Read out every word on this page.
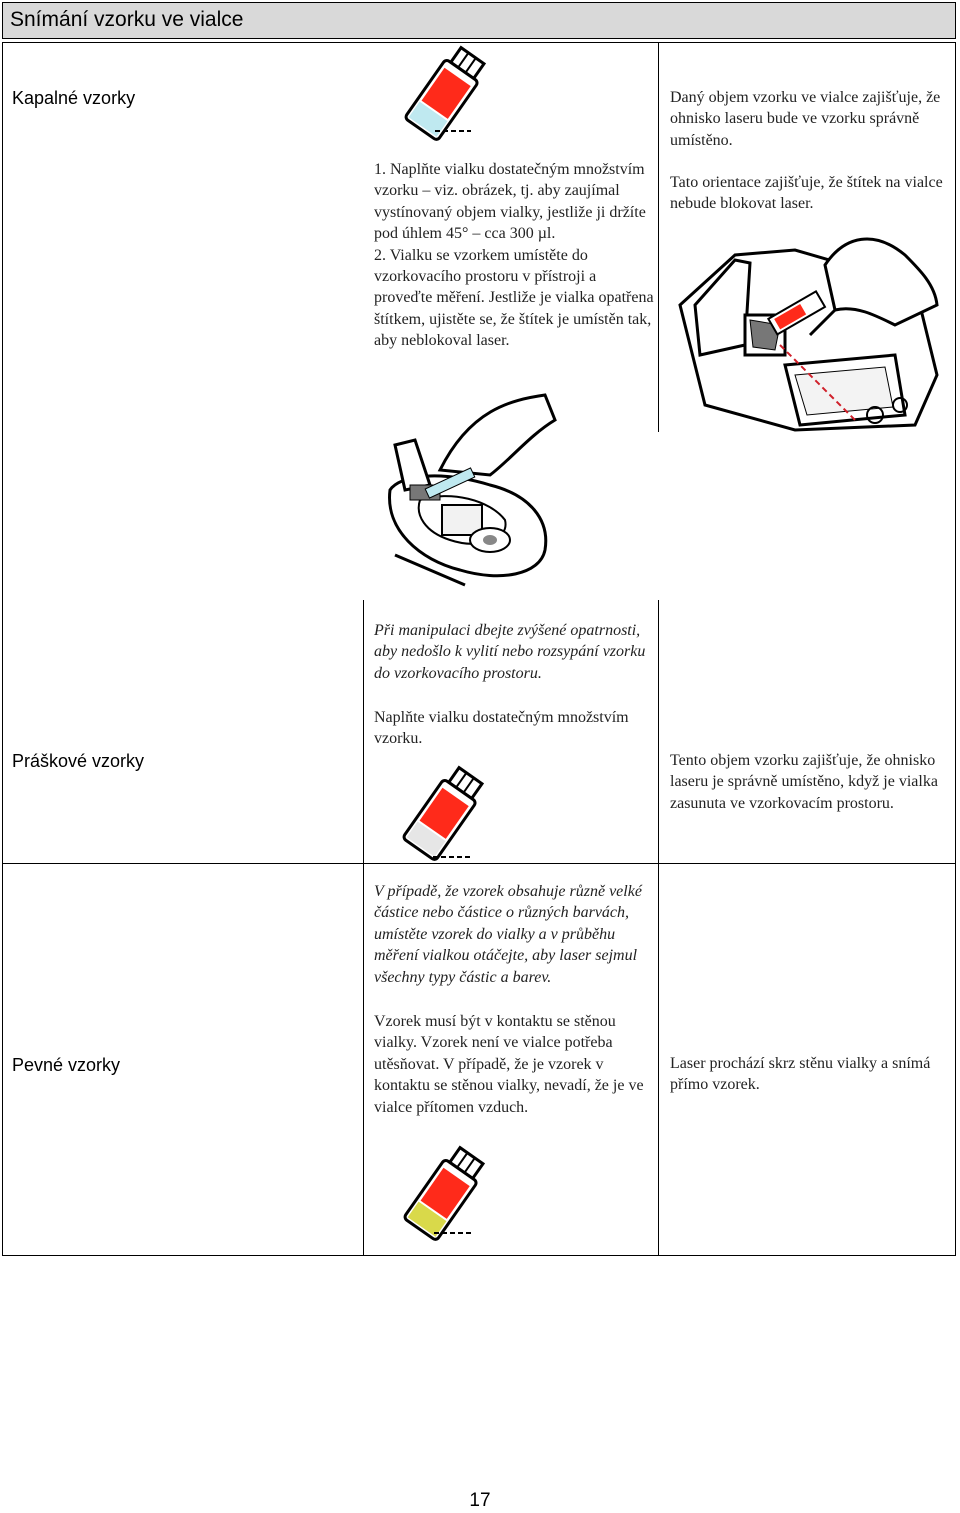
Snímání vzorku ve vialce
Kapalné vzorky

1. Naplňte vialku dostatečným množstvím vzorku – viz. obrázek, tj. aby zaujímal vystínovaný objem vialky, jestliže ji držíte pod úhlem 45° – cca 300 µl.

2. Vialku se vzorkem umístěte do vzorkovacího prostoru v přístroji a proveďte měření. Jestliže je vialka opatřena štítkem, ujistěte se, že štítek je umístěn tak, aby neblokoval laser.

Daný objem vzorku ve vialce zajišťuje, že ohnisko laseru bude ve vzorku správně umístěno.
Tato orientace zajišťuje, že štítek na vialce nebude blokovat laser.
Práškové vzorky
Při manipulaci dbejte zvýšené opatrnosti, aby nedošlo k vylití nebo rozsypání vzorku do vzorkovacího prostoru.
Naplňte vialku dostatečným množstvím vzorku.
Tento objem vzorku zajišťuje, že ohnisko laseru je správně umístěno, když je vialka zasunuta ve vzorkovacím prostoru.
Pevné vzorky
V případě, že vzorek obsahuje různě velké částice nebo částice o různých barvách, umístěte vzorek do vialky a v průběhu měření vialkou otáčejte, aby laser sejmul všechny typy částic a barev.
Vzorek musí být v kontaktu se stěnou vialky. Vzorek není ve vialce potřeba utěsňovat. V případě, že je vzorek v kontaktu se stěnou vialky, nevadí, že je ve vialce přítomen vzduch.
Laser prochází skrz stěnu vialky a snímá přímo vzorek.
17
